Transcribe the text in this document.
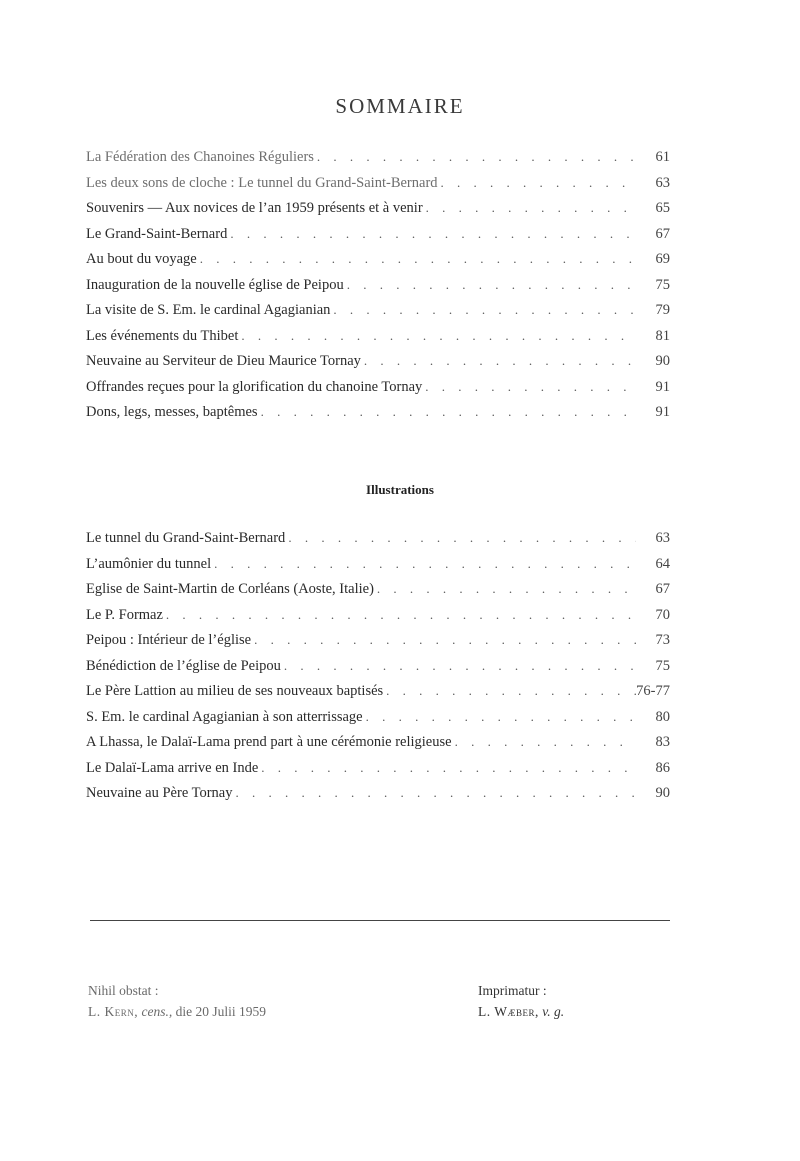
SOMMAIRE
La Fédération des Chanoines Réguliers . . .	61
Les deux sons de cloche : Le tunnel du Grand-Saint-Bernard . . .	63
Souvenirs — Aux novices de l’an 1959 présents et à venir . . .	65
Le Grand-Saint-Bernard . . .	67
Au bout du voyage . . .	69
Inauguration de la nouvelle église de Peipou . . .	75
La visite de S. Em. le cardinal Agagianian . . .	79
Les événements du Thibet . . .	81
Neuvaine au Serviteur de Dieu Maurice Tornay . . .	90
Offrandes reçues pour la glorification du chanoine Tornay . . .	91
Dons, legs, messes, baptêmes . . .	91
Illustrations
Le tunnel du Grand-Saint-Bernard . . .	63
L’aumônier du tunnel . . .	64
Eglise de Saint-Martin de Corléans (Aoste, Italie) . . .	67
Le P. Formaz . . .	70
Peipou : Intérieur de l’église . . .	73
Bénédiction de l’église de Peipou . . .	75
Le Père Lattion au milieu de ses nouveaux baptisés . . .	76-77
S. Em. le cardinal Agagianian à son atterrissage . . .	80
A Lhassa, le Dalaï-Lama prend part à une cérémonie religieuse . . .	83
Le Dalaï-Lama arrive en Inde . . .	86
Neuvaine au Père Tornay . . .	90
Nihil obstat :
L. Kern, cens., die 20 Julii 1959
Imprimatur :
L. Wæber, v. g.
